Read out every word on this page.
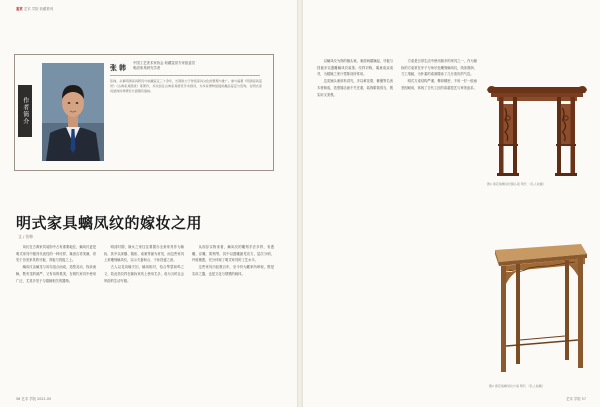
鉴赏 艺术 学院 收藏系列
作者简介
张 韩
中国工艺美术家协会 收藏鉴赏专家组委员
明清家具研究学者
张韩，从事明清家具研究与收藏鉴定三十余年，长期致力于传统家具文化的整理与推广。参与编著《明清家具鉴赏》《古典家具图录》等著作，多次担任古典家具展览学术顾问，为多家博物馆提供藏品鉴定与咨询，在明式家具装饰纹样研究方面颇有建树。
明式家具螭凤纹的嫁妆之用
文 / 张韩

凤纹在古典家具装饰中占有重要地位，螭凤纹更是明式家具中极具代表性的一种纹样，寓意吉祥美满，常见于各类家具的牙板、背板与挡板之上。

螭凤纹由螭龙与凤鸟组合而成，造型灵动，线条流畅，既有龙的威严，又有凤的柔美，在明代家具中使用广泛，尤其多见于与婚嫁相关的器物。

明清时期，嫁女之家往往要置办全套家具作为嫁妆，其中以床榻、箱柜、桌案等最为常见，而这些家具上常雕刻螭凤纹，以示夫妻和合、子孙昌盛之意。

古人以龙凤喻夫妇，螭凤相对，恰合琴瑟和鸣之义，故此类纹样在嫁妆家具上使用尤多，成为当时社会风俗的生动写照。

从现存实物来看，螭凤纹的雕刻手法多样，有透雕、浮雕、阴刻等，其中以透雕最见功力，层次分明，玲珑剔透，充分体现了明式家具的工艺水平。

这些家具历经数百年，至今仍为藏家所珍视，既是实用之器，也是文化与情感的载体。

56 艺术 学院 2021.05

以螭凤纹为饰的翘头案，案面两端翘起，牙板与挡板多以透雕螭凤纹装饰，纹样对称，寓意成双成对，为婚嫁之家厅堂陈设所常用。

这类翘头案用料讲究，多以黄花梨、紫檀等名贵木材制成，造型简洁而不失庄重，装饰繁简得当，既实用又美观。

方桌是日常生活中使用最多的家具之一，作为嫁妆的方桌常在牙子与角牙处雕刻螭凤纹，线条圆润，刀工细腻，为朴素的桌面增添了几分喜庆的气息。

明式方桌结构严谨，榫卯精密，不用一钉一胶而坚固耐用，体现了古代工匠的高超技艺与审美追求。

图1 黄花梨螭凤纹翘头案 明代 （私人收藏）
图2 黄花梨螭凤纹方桌 明代 （私人收藏）
艺术 学院 57
